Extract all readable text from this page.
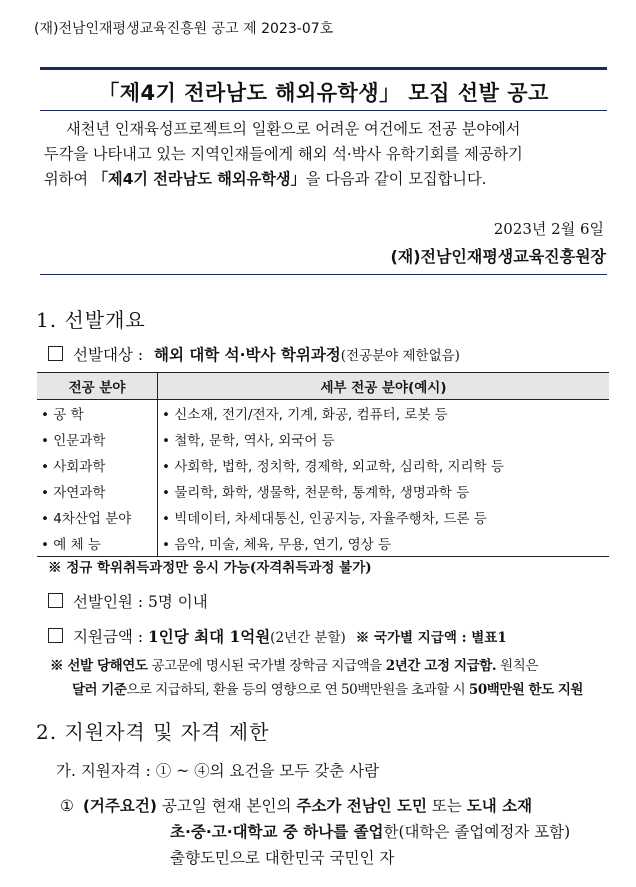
(재)전남인재평생교육진흥원 공고 제 2023-07호
「제4기 전라남도 해외유학생」 모집 선발 공고

새천년 인재육성프로젝트의 일환으로 어려운 여건에도 전공 분야에서

두각을 나타내고 있는 지역인재들에게 해외 석·박사 유학기회를 제공하기

위하여 「제4기 전라남도 해외유학생」을 다음과 같이 모집합니다.

2023년 2월 6일
(재)전남인재평생교육진흥원장
1. 선발개요
선발대상 : 해외 대학 석·박사 학위과정(전공분야 제한없음)
전공 분야	세부 전공 분야(예시)
• 공 학	• 신소재, 전기/전자, 기계, 화공, 컴퓨터, 로봇 등
• 인문과학	• 철학, 문학, 역사, 외국어 등
• 사회과학	• 사회학, 법학, 정치학, 경제학, 외교학, 심리학, 지리학 등
• 자연과학	• 물리학, 화학, 생물학, 천문학, 통계학, 생명과학 등
• 4차산업 분야	• 빅데이터, 차세대통신, 인공지능, 자율주행차, 드론 등
• 예 체 능	• 음악, 미술, 체육, 무용, 연기, 영상 등
※ 정규 학위취득과정만 응시 가능(자격취득과정 불가)
선발인원 : 5명 이내
지원금액 : 1인당 최대 1억원(2년간 분할) ※ 국가별 지급액 : 별표1
※ 선발 당해연도 공고문에 명시된 국가별 장학금 지급액을 2년간 고정 지급함. 원칙은
달러 기준으로 지급하되, 환율 등의 영향으로 연 50백만원을 초과할 시 50백만원 한도 지원
2. 지원자격 및 자격 제한
가. 지원자격 : ① ~ ④의 요건을 모두 갖춘 사람
① (거주요건) 공고일 현재 본인의 주소가 전남인 도민 또는 도내 소재
초·중·고·대학교 중 하나를 졸업한(대학은 졸업예정자 포함)
출향도민으로 대한민국 국민인 자
